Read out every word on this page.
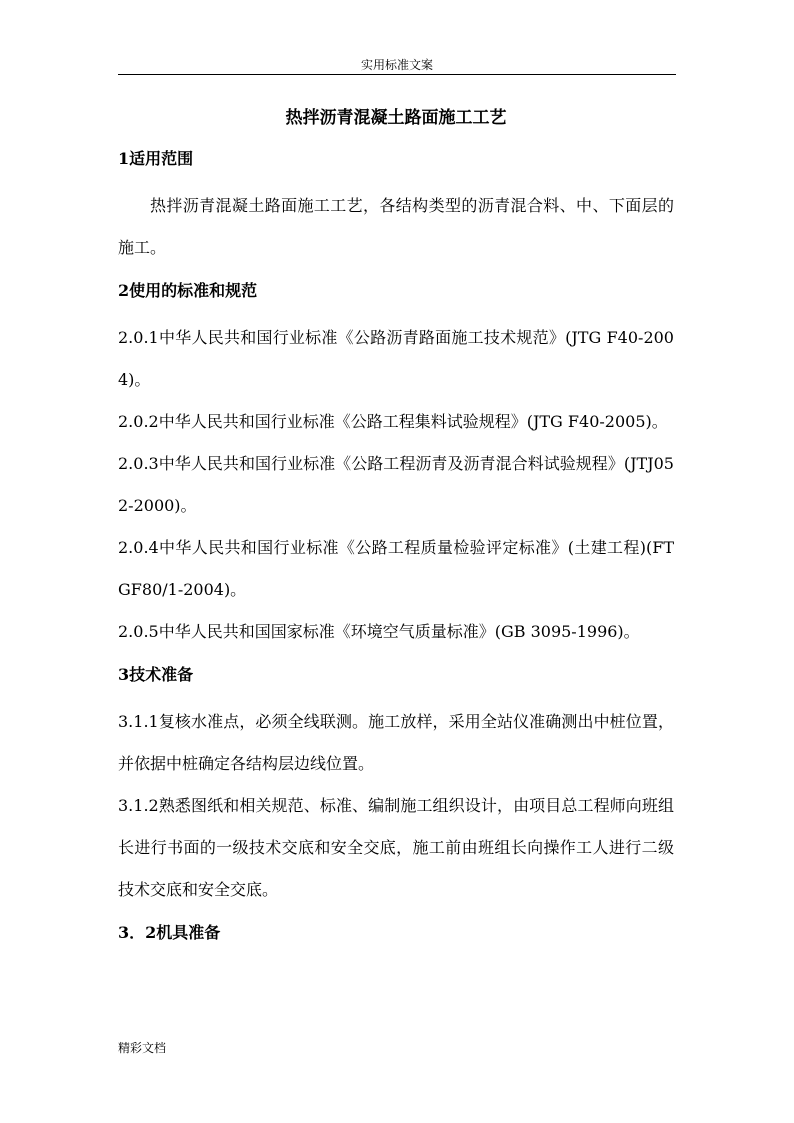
实用标准文案
热拌沥青混凝土路面施工工艺
1适用范围
热拌沥青混凝土路面施工工艺，各结构类型的沥青混合料、中、下面层的施工。
2使用的标准和规范
2.0.1中华人民共和国行业标准《公路沥青路面施工技术规范》(JTG F40-2004)。
2.0.2中华人民共和国行业标准《公路工程集料试验规程》(JTG F40-2005)。
2.0.3中华人民共和国行业标准《公路工程沥青及沥青混合料试验规程》(JTJ052-2000)。
2.0.4中华人民共和国行业标准《公路工程质量检验评定标准》(土建工程)(FTGF80/1-2004)。
2.0.5中华人民共和国国家标准《环境空气质量标准》(GB 3095-1996)。
3技术准备
3.1.1复核水准点，必须全线联测。施工放样，采用全站仪准确测出中桩位置，并依据中桩确定各结构层边线位置。
3.1.2熟悉图纸和相关规范、标准、编制施工组织设计，由项目总工程师向班组长进行书面的一级技术交底和安全交底，施工前由班组长向操作工人进行二级技术交底和安全交底。
3．2机具准备
精彩文档
